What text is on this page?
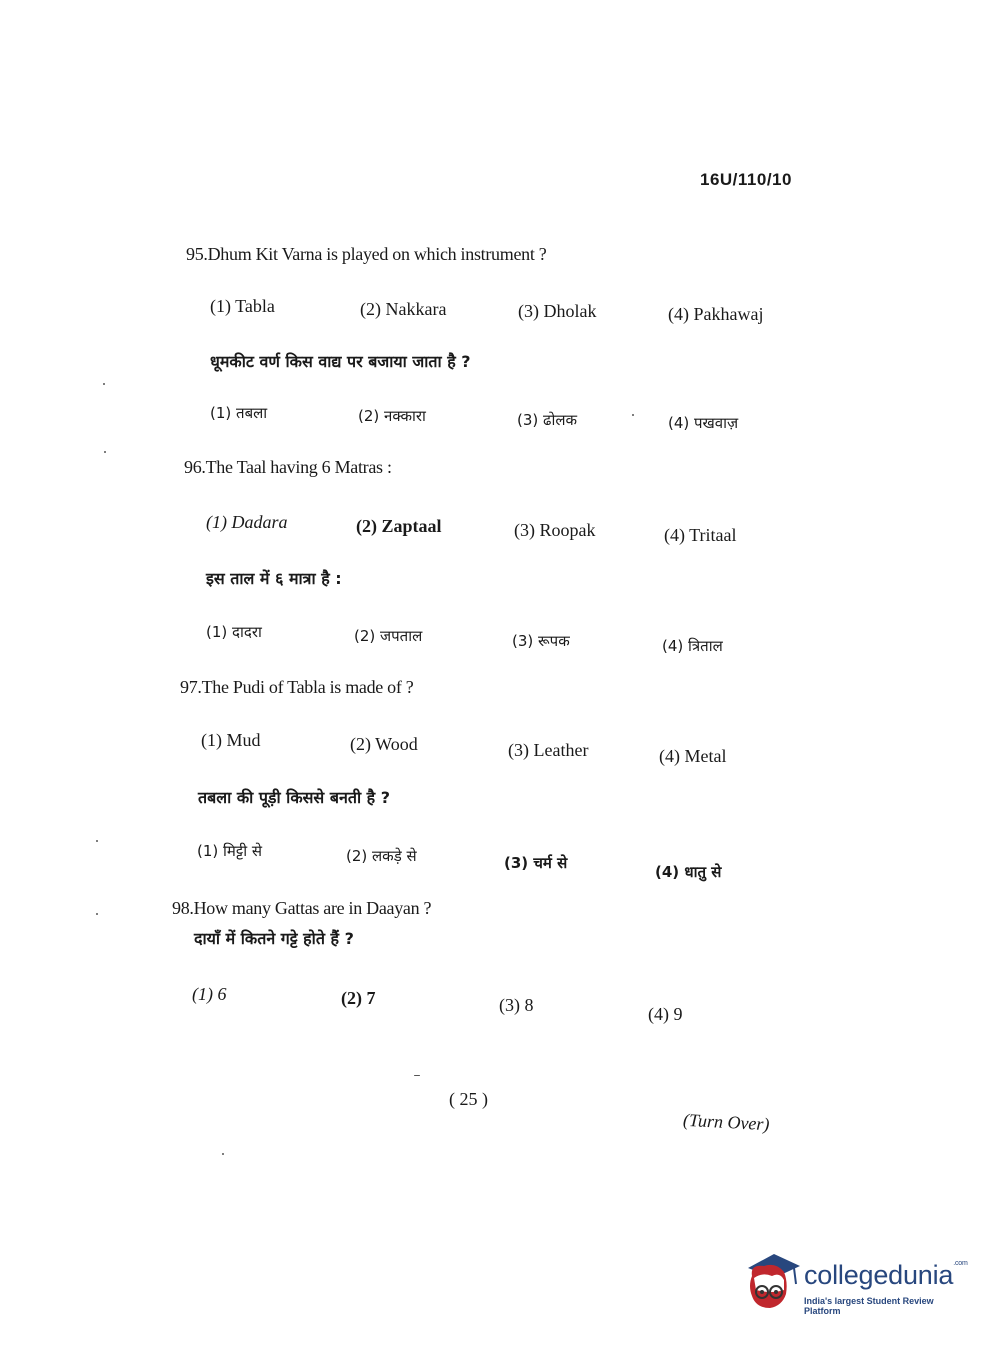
16U/110/10
95.Dhum Kit Varna is played on which instrument ?
(1) Tabla	(2) Nakkara	(3) Dholak	(4) Pakhawaj
धूमकीट वर्ण किस वाद्य पर बजाया जाता है ?
(1) तबला	(2) नक्कारा	(3) ढोलक	(4) पखवाज़
96.The Taal having 6 Matras :
(1) Dadara	(2) Zaptaal	(3) Roopak	(4) Tritaal
इस ताल में ६ मात्रा है :
(1) दादरा	(2) जपताल	(3) रूपक	(4) त्रिताल
97.The Pudi of Tabla is made of ?
(1) Mud	(2) Wood	(3) Leather	(4) Metal
तबला की पूड़ी किससे बनती है ?
(1) मिट्टी से	(2) लकड़े से	(3) चर्म से	(4) धातु से
98.How many Gattas are in Daayan ?
दायाँ में कितने गट्टे होते हैं ?
(1) 6	(2) 7	(3) 8	(4) 9
( 25 )
(Turn Over)
collegedunia$^{.com}$
India's largest Student Review Platform
